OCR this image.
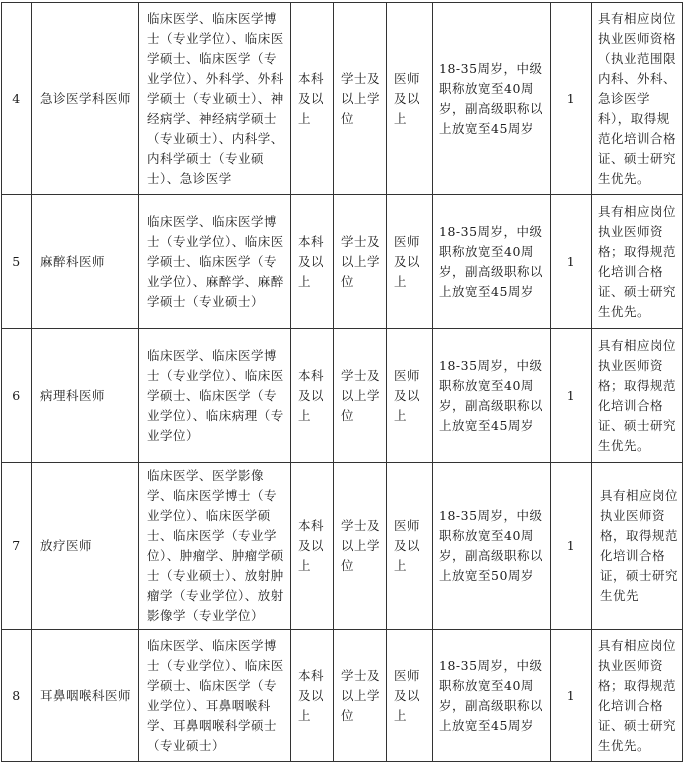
4	急诊医学科医师	临床医学、临床医学博士（专业学位）、临床医学硕士、临床医学（专业学位）、外科学、外科学硕士（专业硕士）、神经病学、神经病学硕士（专业硕士）、内科学、内科学硕士（专业硕士）、急诊医学	本科及以上	学士及以上学位	医师及以上	18-35周岁，中级职称放宽至40周岁，副高级职称以上放宽至45周岁	1	具有相应岗位执业医师资格（执业范围限内科、外科、急诊医学科），取得规范化培训合格证、硕士研究生优先。
5	麻醉科医师	临床医学、临床医学博士（专业学位）、临床医学硕士、临床医学（专业学位）、麻醉学、麻醉学硕士（专业硕士）	本科及以上	学士及以上学位	医师及以上	18-35周岁，中级职称放宽至40周岁，副高级职称以上放宽至45周岁	1	具有相应岗位执业医师资格；取得规范化培训合格证、硕士研究生优先。
6	病理科医师	临床医学、临床医学博士（专业学位）、临床医学硕士、临床医学（专业学位）、临床病理（专业学位）	本科及以上	学士及以上学位	医师及以上	18-35周岁，中级职称放宽至40周岁，副高级职称以上放宽至45周岁	1	具有相应岗位执业医师资格；取得规范化培训合格证、硕士研究生优先。
7	放疗医师	临床医学、医学影像学、临床医学博士（专业学位）、临床医学硕士、临床医学（专业学位）、肿瘤学、肿瘤学硕士（专业硕士）、放射肿瘤学（专业学位）、放射影像学（专业学位）	本科及以上	学士及以上学位	医师及以上	18-35周岁，中级职称放宽至40周岁，副高级职称以上放宽至50周岁	1	具有相应岗位执业医师资格，取得规范化培训合格证，硕士研究生优先
8	耳鼻咽喉科医师	临床医学、临床医学博士（专业学位）、临床医学硕士、临床医学（专业学位）、耳鼻咽喉科学、耳鼻咽喉科学硕士（专业硕士）	本科及以上	学士及以上学位	医师及以上	18-35周岁，中级职称放宽至40周岁，副高级职称以上放宽至45周岁	1	具有相应岗位执业医师资格；取得规范化培训合格证、硕士研究生优先。
